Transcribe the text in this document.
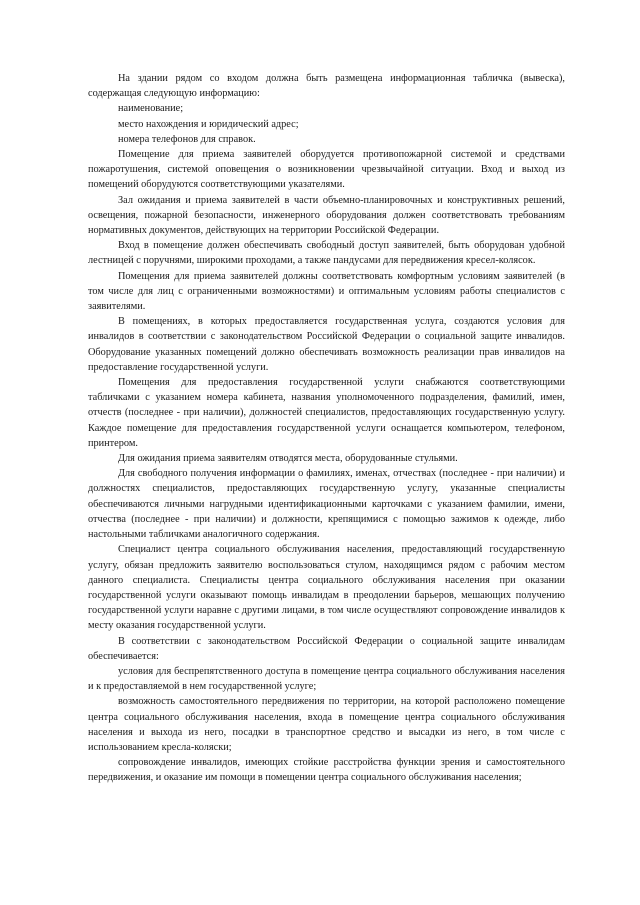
На здании рядом со входом должна быть размещена информационная табличка (вывеска), содержащая следующую информацию:

наименование;

место нахождения и юридический адрес;

номера телефонов для справок.

Помещение для приема заявителей оборудуется противопожарной системой и средствами пожаротушения, системой оповещения о возникновении чрезвычайной ситуации. Вход и выход из помещений оборудуются соответствующими указателями.

Зал ожидания и приема заявителей в части объемно-планировочных и конструктивных решений, освещения, пожарной безопасности, инженерного оборудования должен соответствовать требованиям нормативных документов, действующих на территории Российской Федерации.

Вход в помещение должен обеспечивать свободный доступ заявителей, быть оборудован удобной лестницей с поручнями, широкими проходами, а также пандусами для передвижения кресел-колясок.

Помещения для приема заявителей должны соответствовать комфортным условиям заявителей (в том числе для лиц с ограниченными возможностями) и оптимальным условиям работы специалистов с заявителями.

В помещениях, в которых предоставляется государственная услуга, создаются условия для инвалидов в соответствии с законодательством Российской Федерации о социальной защите инвалидов. Оборудование указанных помещений должно обеспечивать возможность реализации прав инвалидов на предоставление государственной услуги.

Помещения для предоставления государственной услуги снабжаются соответствующими табличками с указанием номера кабинета, названия уполномоченного подразделения, фамилий, имен, отчеств (последнее - при наличии), должностей специалистов, предоставляющих государственную услугу. Каждое помещение для предоставления государственной услуги оснащается компьютером, телефоном, принтером.

Для ожидания приема заявителям отводятся места, оборудованные стульями.

Для свободного получения информации о фамилиях, именах, отчествах (последнее - при наличии) и должностях специалистов, предоставляющих государственную услугу, указанные специалисты обеспечиваются личными нагрудными идентификационными карточками с указанием фамилии, имени, отчества (последнее - при наличии) и должности, крепящимися с помощью зажимов к одежде, либо настольными табличками аналогичного содержания.

Специалист центра социального обслуживания населения, предоставляющий государственную услугу, обязан предложить заявителю воспользоваться стулом, находящимся рядом с рабочим местом данного специалиста. Специалисты центра социального обслуживания населения при оказании государственной услуги оказывают помощь инвалидам в преодолении барьеров, мешающих получению государственной услуги наравне с другими лицами, в том числе осуществляют сопровождение инвалидов к месту оказания государственной услуги.

В соответствии с законодательством Российской Федерации о социальной защите инвалидам обеспечивается:

условия для беспрепятственного доступа в помещение центра социального обслуживания населения и к предоставляемой в нем государственной услуге;

возможность самостоятельного передвижения по территории, на которой расположено помещение центра социального обслуживания населения, входа в помещение центра социального обслуживания населения и выхода из него, посадки в транспортное средство и высадки из него, в том числе с использованием кресла-коляски;

сопровождение инвалидов, имеющих стойкие расстройства функции зрения и самостоятельного передвижения, и оказание им помощи в помещении центра социального обслуживания населения;
